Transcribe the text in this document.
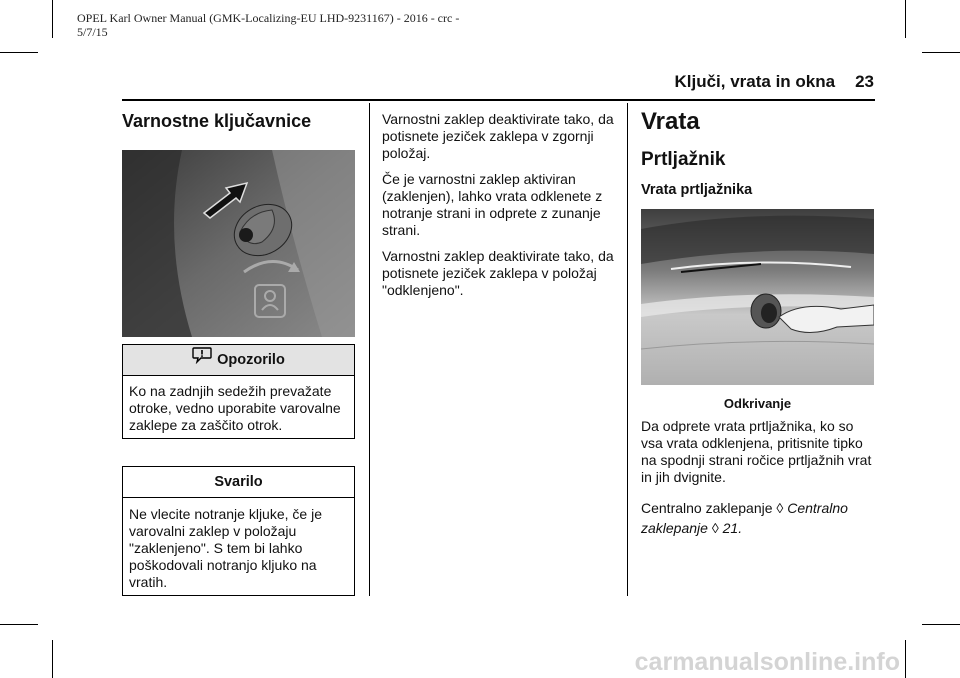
OPEL Karl Owner Manual (GMK-Localizing-EU LHD-9231167) - 2016 - crc -
5/7/15
Ključi, vrata in okna 23
Varnostne ključavnice
Opozorilo
Ko na zadnjih sedežih prevažate otroke, vedno uporabite varovalne zaklepe za zaščito otrok.
Svarilo
Ne vlecite notranje kljuke, če je varovalni zaklep v položaju "zaklenjeno". S tem bi lahko poškodovali notranjo kljuko na vratih.

Varnostni zaklep deaktivirate tako, da potisnete jeziček zaklepa v zgornji položaj.

Če je varnostni zaklep aktiviran (zaklenjen), lahko vrata odklenete z notranje strani in odprete z zunanje strani.

Varnostni zaklep deaktivirate tako, da potisnete jeziček zaklepa v položaj "odklenjeno".

Vrata
Prtljažnik
Vrata prtljažnika
Odkrivanje

Da odprete vrata prtljažnika, ko so vsa vrata odklenjena, pritisnite tipko na spodnji strani ročice prtljažnih vrat in jih dvignite.

Centralno zaklepanje ◊ Centralno zaklepanje ◊ 21.

carmanualsonline.info
